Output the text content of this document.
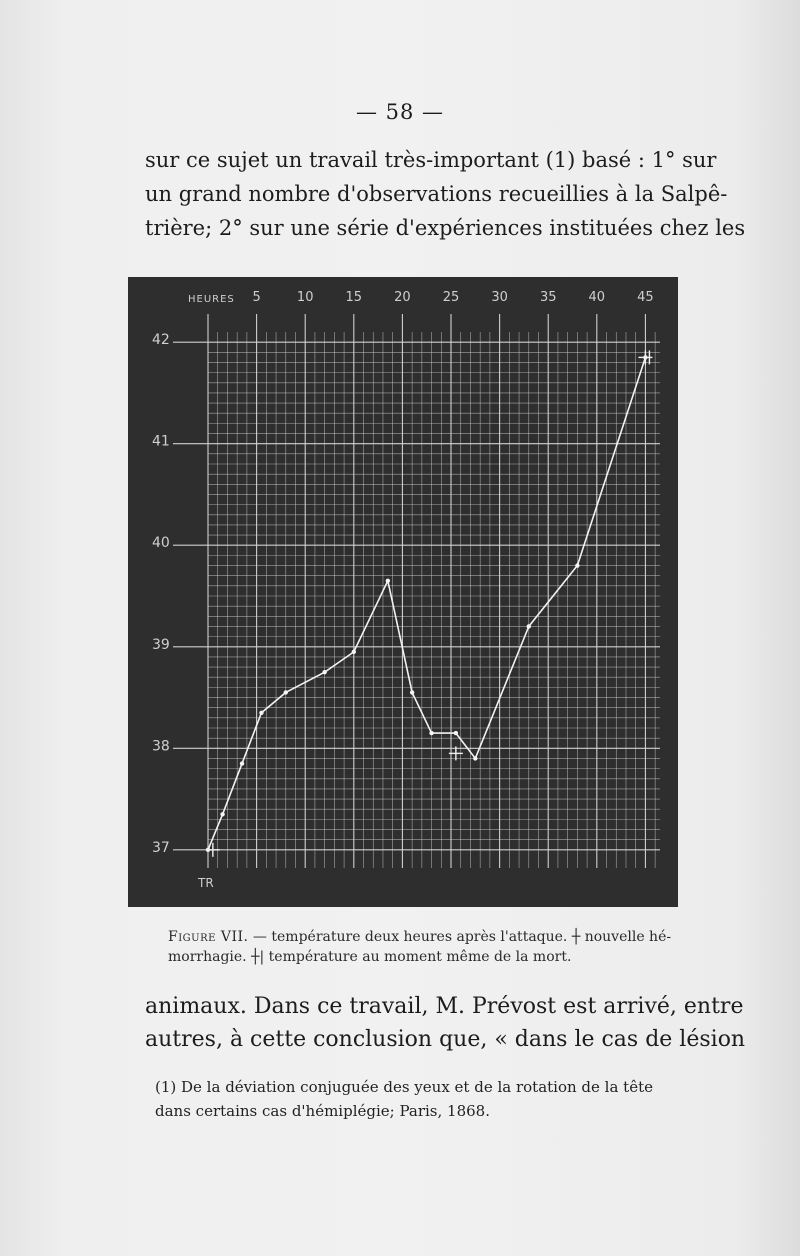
— 58 —
sur ce sujet un travail très-important (1) basé : 1° sur
un grand nombre d'observations recueillies à la Salpê-
trière; 2° sur une série d'expériences instituées chez les
HEURES 5	10 15 20 25 30 35 40 45
42
41
40
39
38
37
TR
Figure VII. — température deux heures après l'attaque. ┼ nouvelle hé-
morrhagie. ┼| température au moment même de la mort.
animaux. Dans ce travail, M. Prévost est arrivé, entre
autres, à cette conclusion que, « dans le cas de lésion
(1) De la déviation conjuguée des yeux et de la rotation de la tête
dans certains cas d'hémiplégie; Paris, 1868.
